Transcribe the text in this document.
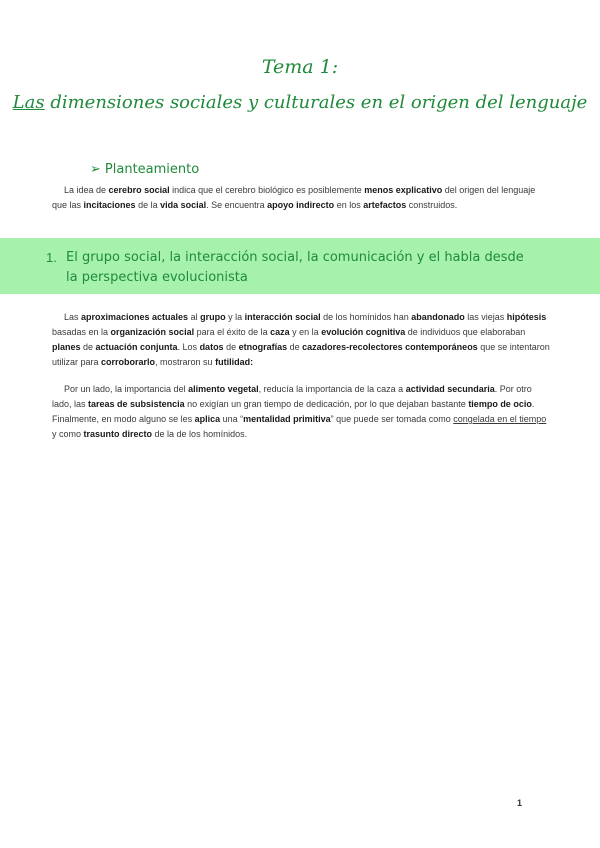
Tema 1:
Las dimensiones sociales y culturales en el origen del lenguaje
➢ Planteamiento
La idea de cerebro social indica que el cerebro biológico es posiblemente menos explicativo del origen del lenguaje que las incitaciones de la vida social. Se encuentra apoyo indirecto en los artefactos construidos.
1. El grupo social, la interacción social, la comunicación y el habla desde la perspectiva evolucionista
Las aproximaciones actuales al grupo y la interacción social de los homínidos han abandonado las viejas hipótesis basadas en la organización social para el éxito de la caza y en la evolución cognitiva de individuos que elaboraban planes de actuación conjunta. Los datos de etnografías de cazadores-recolectores contemporáneos que se intentaron utilizar para corroborarlo, mostraron su futilidad:
Por un lado, la importancia del alimento vegetal, reducía la importancia de la caza a actividad secundaria. Por otro lado, las tareas de subsistencia no exigían un gran tiempo de dedicación, por lo que dejaban bastante tiempo de ocio. Finalmente, en modo alguno se les aplica una “mentalidad primitiva” que puede ser tomada como congelada en el tiempo y como trasunto directo de la de los homínidos.
1
